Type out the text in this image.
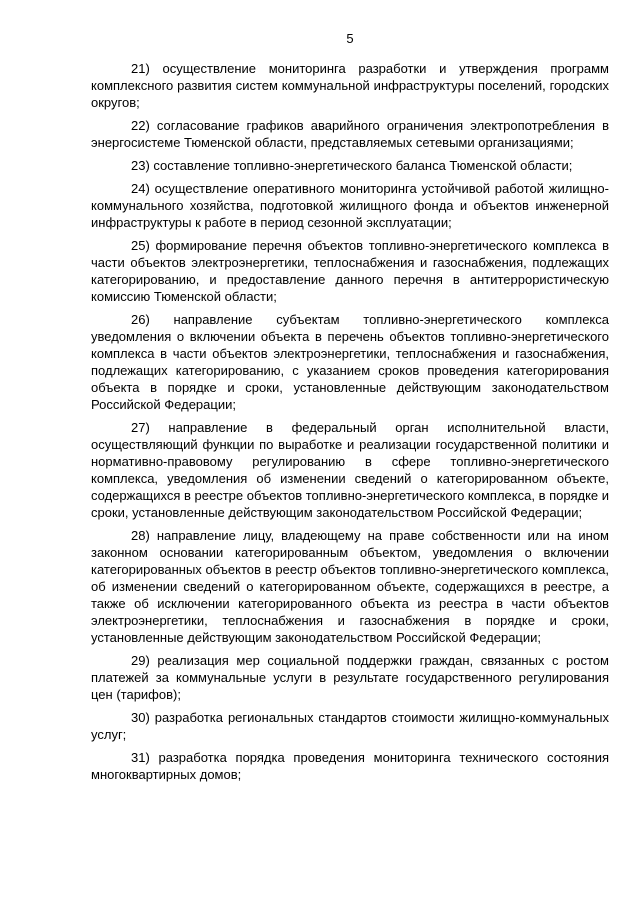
5

21) осуществление мониторинга разработки и утверждения программ комплексного развития систем коммунальной инфраструктуры поселений, городских округов;

22) согласование графиков аварийного ограничения электропотребления в энергосистеме Тюменской области, представляемых сетевыми организациями;

23) составление топливно-энергетического баланса Тюменской области;

24) осуществление оперативного мониторинга устойчивой работой жилищно-коммунального хозяйства, подготовкой жилищного фонда и объектов инженерной инфраструктуры к работе в период сезонной эксплуатации;

25) формирование перечня объектов топливно-энергетического комплекса в части объектов электроэнергетики, теплоснабжения и газоснабжения, подлежащих категорированию, и предоставление данного перечня в антитеррористическую комиссию Тюменской области;

26) направление субъектам топливно-энергетического комплекса уведомления о включении объекта в перечень объектов топливно-энергетического комплекса в части объектов электроэнергетики, теплоснабжения и газоснабжения, подлежащих категорированию, с указанием сроков проведения категорирования объекта в порядке и сроки, установленные действующим законодательством Российской Федерации;

27) направление в федеральный орган исполнительной власти, осуществляющий функции по выработке и реализации государственной политики и нормативно-правовому регулированию в сфере топливно-энергетического комплекса, уведомления об изменении сведений о категорированном объекте, содержащихся в реестре объектов топливно-энергетического комплекса, в порядке и сроки, установленные действующим законодательством Российской Федерации;

28) направление лицу, владеющему на праве собственности или на ином законном основании категорированным объектом, уведомления о включении категорированных объектов в реестр объектов топливно-энергетического комплекса, об изменении сведений о категорированном объекте, содержащихся в реестре, а также об исключении категорированного объекта из реестра в части объектов электроэнергетики, теплоснабжения и газоснабжения в порядке и сроки, установленные действующим законодательством Российской Федерации;

29) реализация мер социальной поддержки граждан, связанных с ростом платежей за коммунальные услуги в результате государственного регулирования цен (тарифов);

30) разработка региональных стандартов стоимости жилищно-коммунальных услуг;

31) разработка порядка проведения мониторинга технического состояния многоквартирных домов;
